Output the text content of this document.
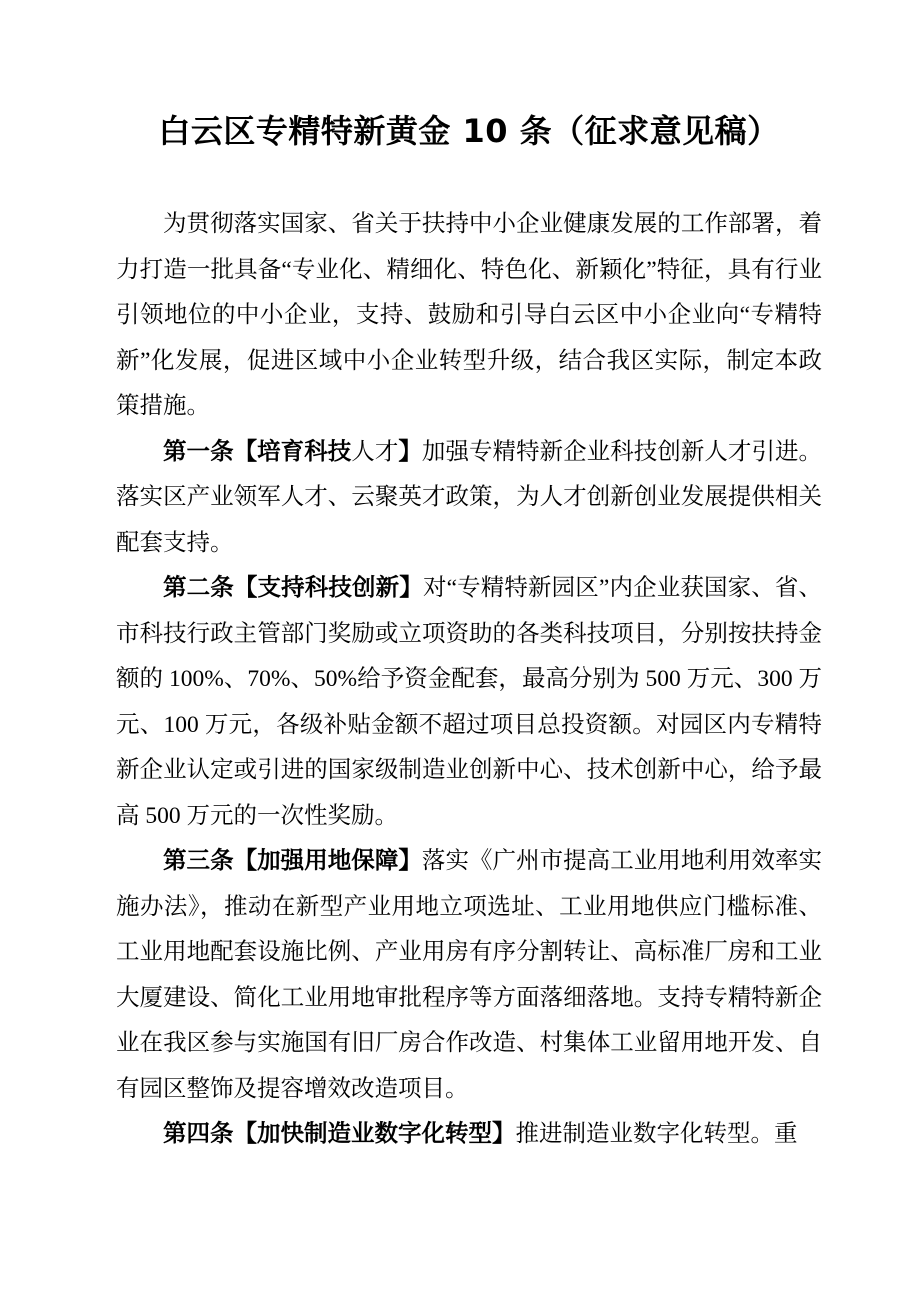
白云区专精特新黄金 10 条（征求意见稿）

为贯彻落实国家、省关于扶持中小企业健康发展的工作部署，着力打造一批具备“专业化、精细化、特色化、新颖化”特征，具有行业引领地位的中小企业，支持、鼓励和引导白云区中小企业向“专精特新”化发展，促进区域中小企业转型升级，结合我区实际，制定本政策措施。

第一条【培育科技人才】加强专精特新企业科技创新人才引进。落实区产业领军人才、云聚英才政策，为人才创新创业发展提供相关配套支持。

第二条【支持科技创新】对“专精特新园区”内企业获国家、省、市科技行政主管部门奖励或立项资助的各类科技项目，分别按扶持金额的 100%、70%、50%给予资金配套，最高分别为 500 万元、300 万元、100 万元，各级补贴金额不超过项目总投资额。对园区内专精特新企业认定或引进的国家级制造业创新中心、技术创新中心，给予最高 500 万元的一次性奖励。

第三条【加强用地保障】落实《广州市提高工业用地利用效率实施办法》，推动在新型产业用地立项选址、工业用地供应门槛标准、工业用地配套设施比例、产业用房有序分割转让、高标准厂房和工业大厦建设、简化工业用地审批程序等方面落细落地。支持专精特新企业在我区参与实施国有旧厂房合作改造、村集体工业留用地开发、自有园区整饰及提容增效改造项目。

第四条【加快制造业数字化转型】推进制造业数字化转型。重
